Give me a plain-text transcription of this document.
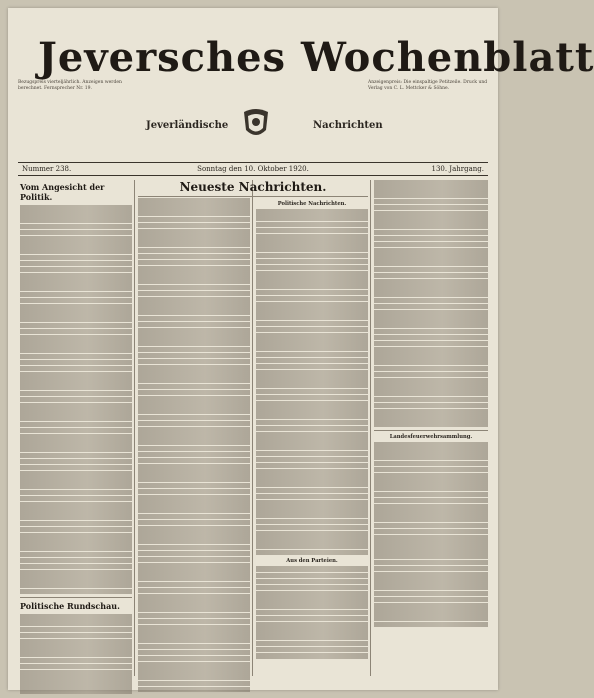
Jeversches Wochenblatt
Bezugspreis vierteljährlich. Anzeigen werden berechnet. Fernsprecher Nr. 19.
Anzeigenpreis: Die einspaltige Petitzeile. Druck und Verlag von C. L. Mettcker & Söhne.
Jeverländische	Nachrichten
Nummer 238.	Sonntag den 10. Oktober 1920.	130. Jahrgang.
Vom Angesicht der Politik.
Politische Rundschau.
Neueste Nachrichten.
Politische Nachrichten.
Aus den Parteien.
Landesfeuerwehrsammlung.
